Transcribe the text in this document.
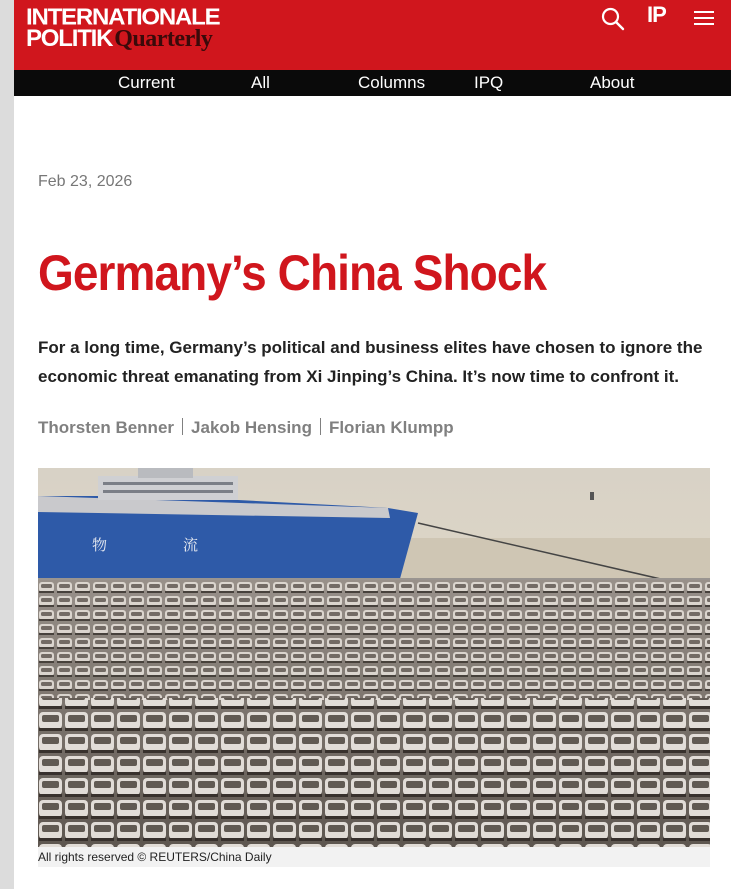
INTERNATIONALE
POLITIKQuarterly
IP
Current	All	Columns	IPQ	About
Feb 23, 2026
Germany’s China Shock

For a long time, Germany’s political and business elites have chosen to ignore the economic threat emanating from Xi Jinping’s China. It’s now time to confront it.

Thorsten Benner Jakob Hensing Florian Klumpp
物	流
All rights reserved © REUTERS/China Daily
